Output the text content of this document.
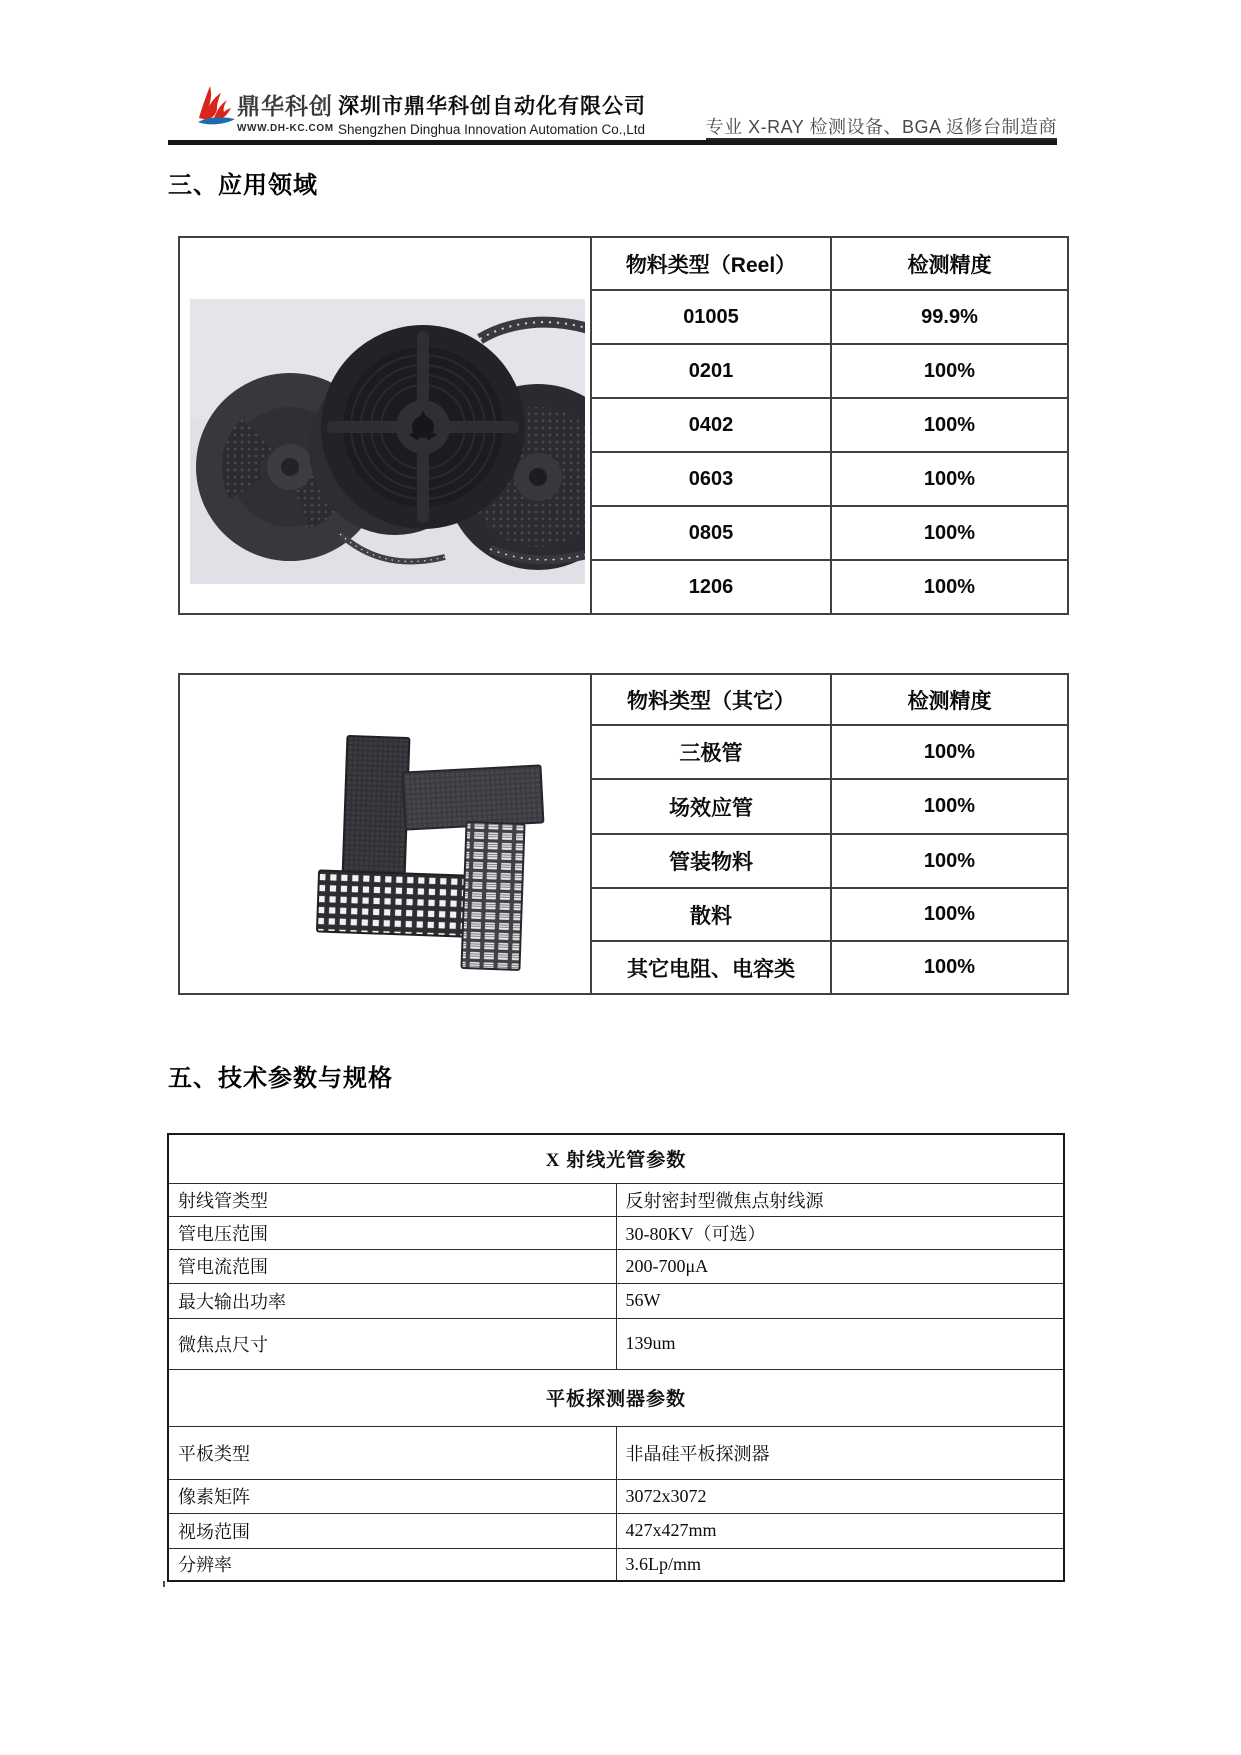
鼎华科创
WWW.DH-KC.COM
深圳市鼎华科创自动化有限公司
Shengzhen Dinghua Innovation Automation Co.,Ltd	专业 X-RAY 检测设备、BGA 返修台制造商
三、应用领域
	物料类型（Reel）	检测精度
	01005	99.9%
	0201	100%
	0402	100%
	0603	100%
	0805	100%
	1206	100%
	物料类型（其它）	检测精度
	三极管	100%
	场效应管	100%
	管装物料	100%
	散料	100%
	其它电阻、电容类	100%
五、技术参数与规格
X 射线光管参数	
射线管类型	反射密封型微焦点射线源
管电压范围	30-80KV（可选）
管电流范围	200-700μA
最大输出功率	56W
微焦点尺寸	139um
平板探测器参数	
平板类型	非晶硅平板探测器
像素矩阵	3072x3072
视场范围	427x427mm
分辨率	3.6Lp/mm
